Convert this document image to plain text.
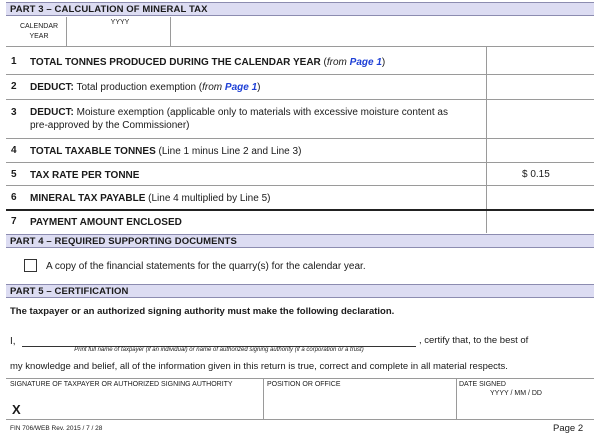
PART 3 – CALCULATION OF MINERAL TAX
CALENDAR YEAR
YYYY
1 TOTAL TONNES PRODUCED DURING THE CALENDAR YEAR (from Page 1)
2 DEDUCT: Total production exemption (from Page 1)
3 DEDUCT: Moisture exemption (applicable only to materials with excessive moisture content as
pre-approved by the Commissioner)
4 TOTAL TAXABLE TONNES (Line 1 minus Line 2 and Line 3)
5 TAX RATE PER TONNE	$ 0.15
6 MINERAL TAX PAYABLE (Line 4 multiplied by Line 5)
7 PAYMENT AMOUNT ENCLOSED
PART 4 – REQUIRED SUPPORTING DOCUMENTS
A copy of the financial statements for the quarry(s) for the calendar year.
PART 5 – CERTIFICATION
The taxpayer or an authorized signing authority must make the following declaration.
I,	, certify that, to the best of
Print full name of taxpayer (if an individual) or name of authorized signing authority (if a corporation or a trust)
my knowledge and belief, all of the information given in this return is true, correct and complete in all material respects.
SIGNATURE OF TAXPAYER OR AUTHORIZED SIGNING AUTHORITY
X
POSITION OR OFFICE	DATE SIGNED
YYYY / MM / DD
FIN 706/WEB Rev. 2015 / 7 / 28	Page 2
